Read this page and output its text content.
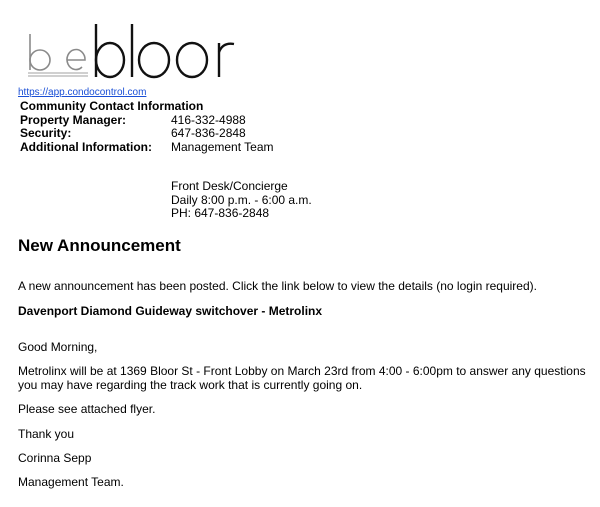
https://app.condocontrol.com
Community Contact Information
Property Manager:	416-332-4988
Security:	647-836-2848
Additional Information:	Management Team
Front Desk/Concierge
Daily 8:00 p.m. - 6:00 a.m.
PH: 647-836-2848
New Announcement

A new announcement has been posted. Click the link below to view the details (no login required).

Davenport Diamond Guideway switchover - Metrolinx

Good Morning,

Metrolinx will be at 1369 Bloor St - Front Lobby on March 23rd from 4:00 - 6:00pm to answer any questions you may have regarding the track work that is currently going on.

Please see attached flyer.

Thank you

Corinna Sepp

Management Team.
